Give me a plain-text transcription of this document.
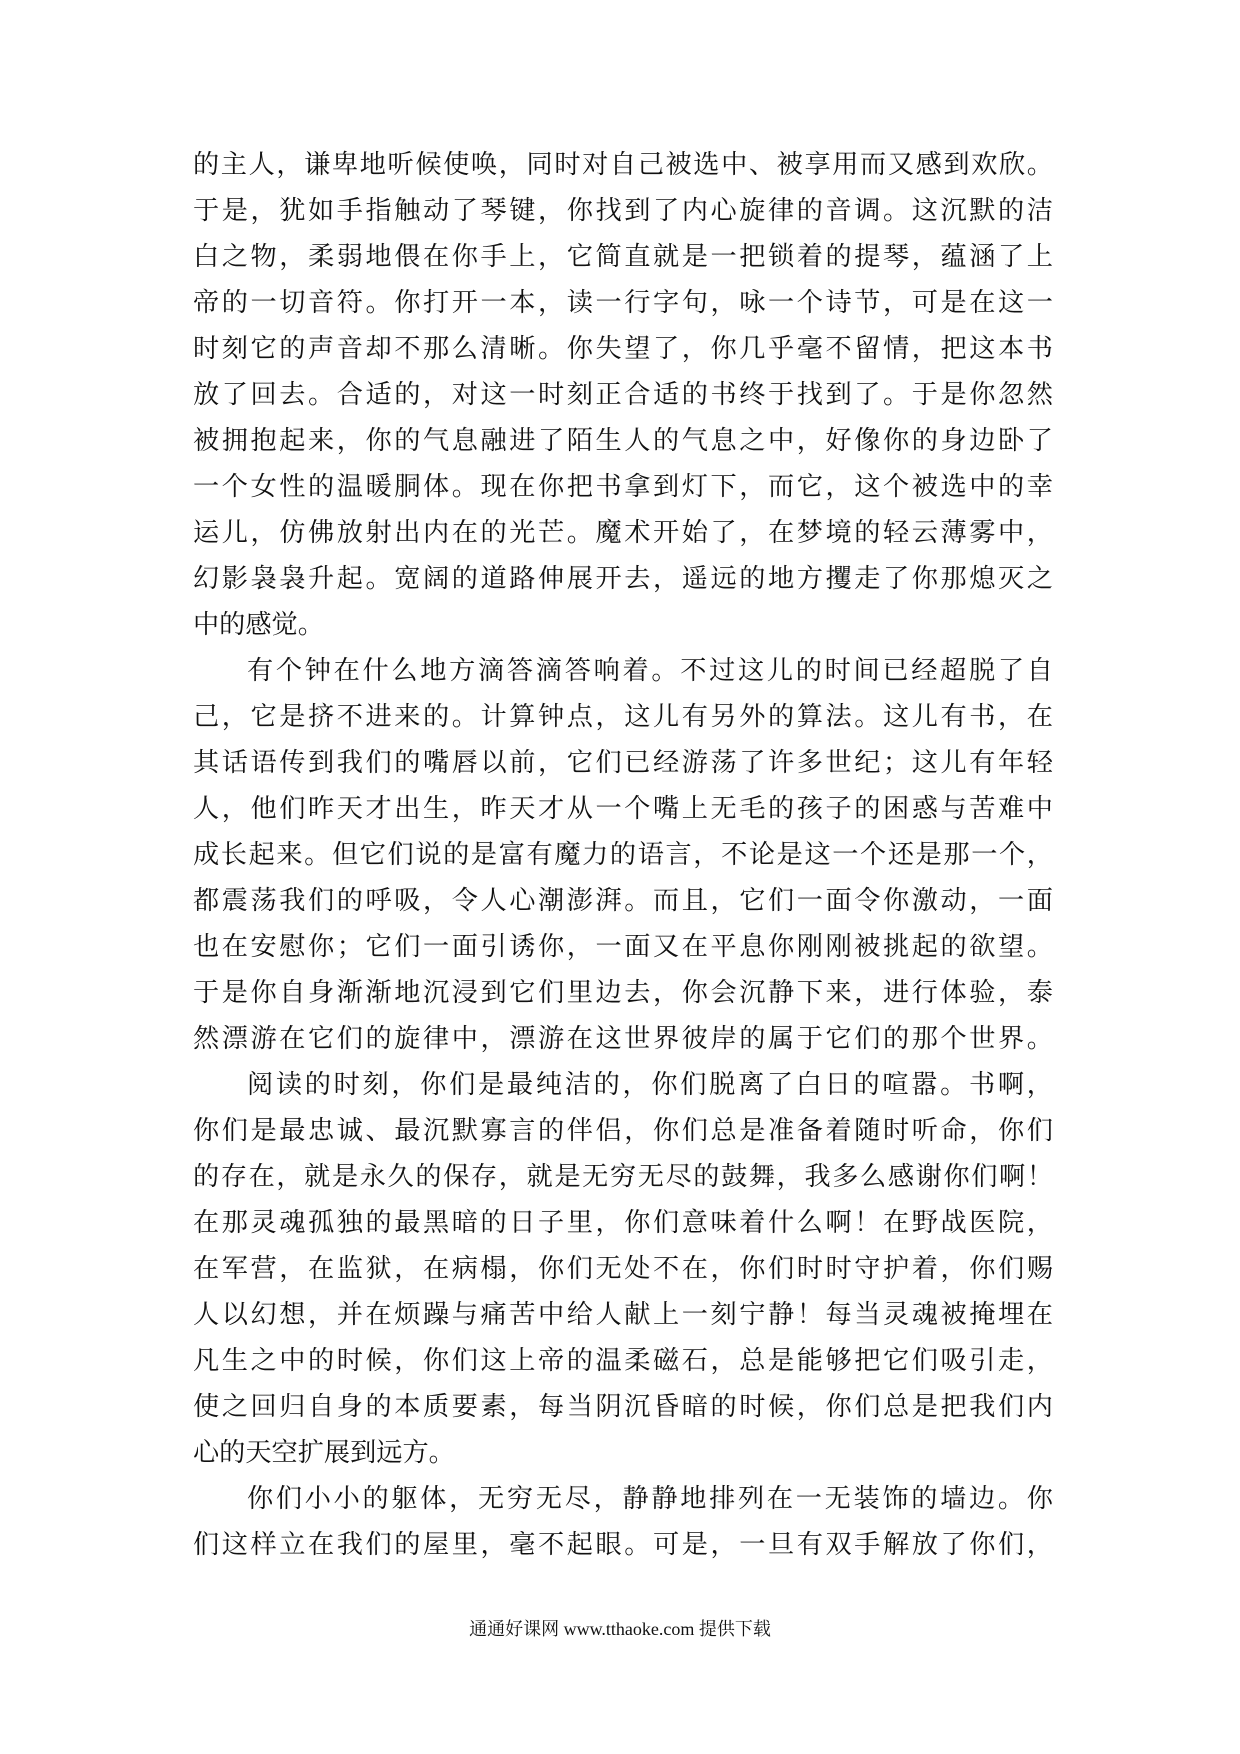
的主人，谦卑地听候使唤，同时对自己被选中、被享用而又感到欢欣。
于是，犹如手指触动了琴键，你找到了内心旋律的音调。这沉默的洁
白之物，柔弱地偎在你手上，它简直就是一把锁着的提琴，蕴涵了上
帝的一切音符。你打开一本，读一行字句，咏一个诗节，可是在这一
时刻它的声音却不那么清晰。你失望了，你几乎毫不留情，把这本书
放了回去。合适的，对这一时刻正合适的书终于找到了。于是你忽然
被拥抱起来，你的气息融进了陌生人的气息之中，好像你的身边卧了
一个女性的温暖胴体。现在你把书拿到灯下，而它，这个被选中的幸
运儿，仿佛放射出内在的光芒。魔术开始了，在梦境的轻云薄雾中，
幻影袅袅升起。宽阔的道路伸展开去，遥远的地方攫走了你那熄灭之
中的感觉。
有个钟在什么地方滴答滴答响着。不过这儿的时间已经超脱了自
己，它是挤不进来的。计算钟点，这儿有另外的算法。这儿有书，在
其话语传到我们的嘴唇以前，它们已经游荡了许多世纪；这儿有年轻
人，他们昨天才出生，昨天才从一个嘴上无毛的孩子的困惑与苦难中
成长起来。但它们说的是富有魔力的语言，不论是这一个还是那一个，
都震荡我们的呼吸，令人心潮澎湃。而且，它们一面令你激动，一面
也在安慰你；它们一面引诱你，一面又在平息你刚刚被挑起的欲望。
于是你自身渐渐地沉浸到它们里边去，你会沉静下来，进行体验，泰
然漂游在它们的旋律中，漂游在这世界彼岸的属于它们的那个世界。
阅读的时刻，你们是最纯洁的，你们脱离了白日的喧嚣。书啊，
你们是最忠诚、最沉默寡言的伴侣，你们总是准备着随时听命，你们
的存在，就是永久的保存，就是无穷无尽的鼓舞，我多么感谢你们啊！
在那灵魂孤独的最黑暗的日子里，你们意味着什么啊！在野战医院，
在军营，在监狱，在病榻，你们无处不在，你们时时守护着，你们赐
人以幻想，并在烦躁与痛苦中给人献上一刻宁静！每当灵魂被掩埋在
凡生之中的时候，你们这上帝的温柔磁石，总是能够把它们吸引走，
使之回归自身的本质要素，每当阴沉昏暗的时候，你们总是把我们内
心的天空扩展到远方。
你们小小的躯体，无穷无尽，静静地排列在一无装饰的墙边。你
们这样立在我们的屋里，毫不起眼。可是，一旦有双手解放了你们，
通通好课网 www.tthaoke.com 提供下载
